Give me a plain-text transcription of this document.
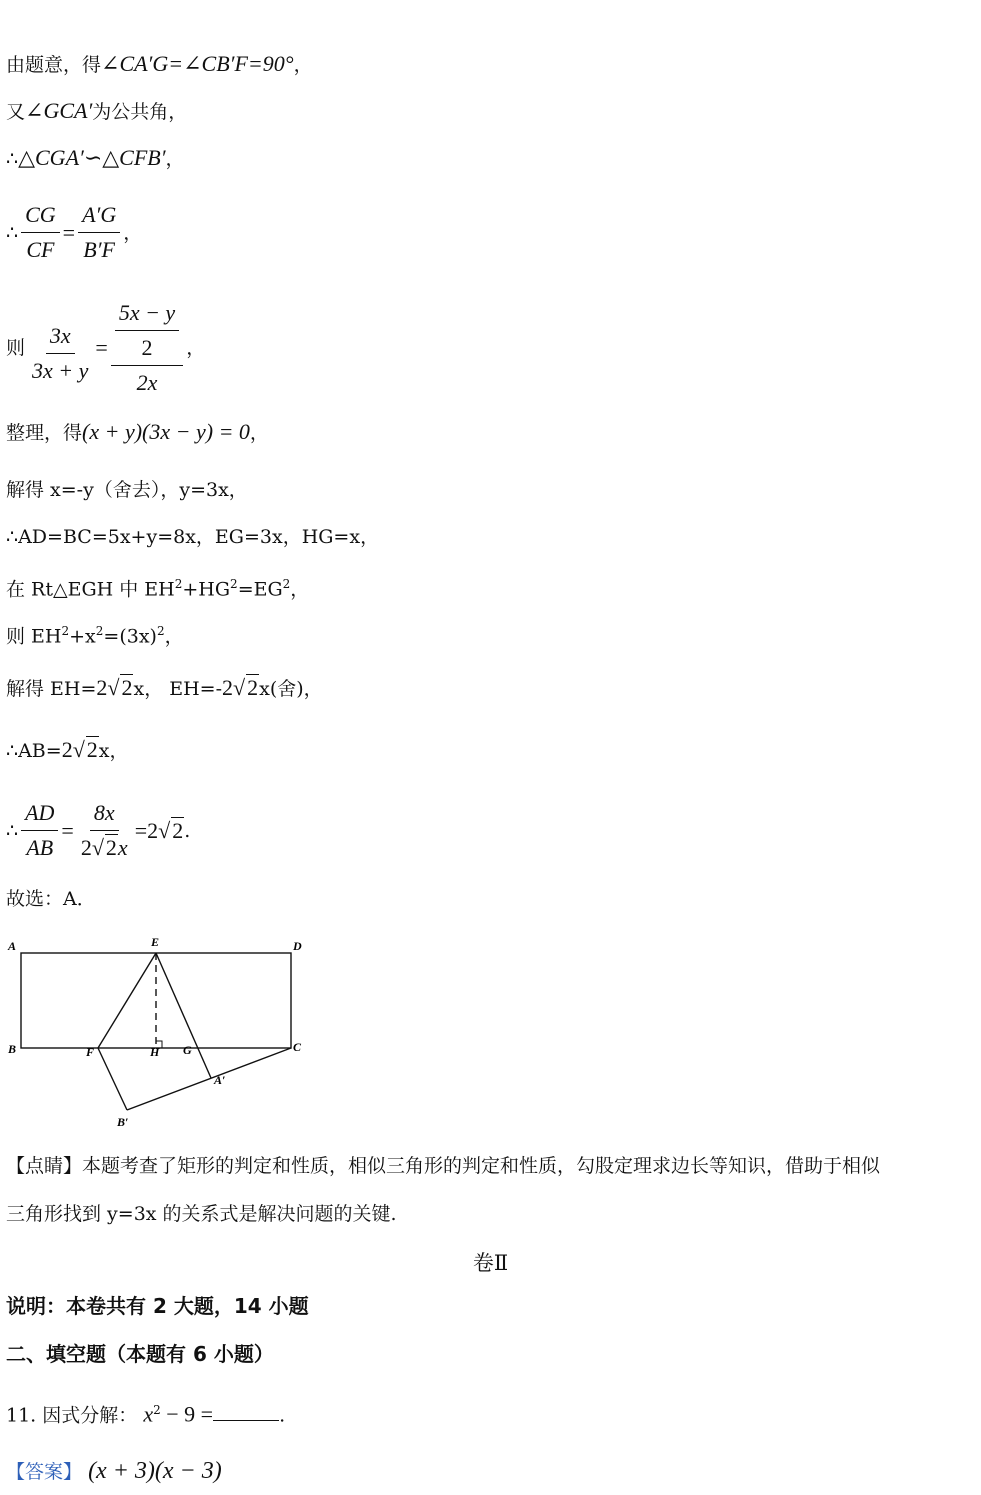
由题意，得∠CA′G=∠CB′F=90°，
又∠GCA′为公共角，
∴△CGA′∽△CFB′，
∴ $\frac{CG}{CF} = \frac{A'G}{B'F}$ ，
则 $\frac{3x}{3x + y} = \frac{\frac{5x - y}{2}}{2x}$ ，
整理，得(x + y)(3x − y) = 0，
解得 x=-y（舍去），y=3x，
∴AD=BC=5x+y=8x，EG=3x，HG=x，
在 Rt△EGH 中 $EH^2+HG^2=EG^2$，
则 $EH^2+x^2=(3x)^2$，
解得 EH=2√2x， EH=-2√2x(舍)，
∴AB=2√2x，
∴ $\frac{AD}{AB} = \frac{8x}{2√2x} = 2$ √ 2 .
故选：A．
A	E	D
B	F	H G	C
A′
B′
【点睛】本题考查了矩形的判定和性质，相似三角形的判定和性质，勾股定理求边长等知识，借助于相似
三角形找到 y=3x 的关系式是解决问题的关键.
卷Ⅱ
说明：本卷共有 2 大题，14 小题
二、填空题（本题有 6 小题）
11. 因式分解： $x^2 - 9$ =	.
【答案】 (x + 3)(x − 3)
